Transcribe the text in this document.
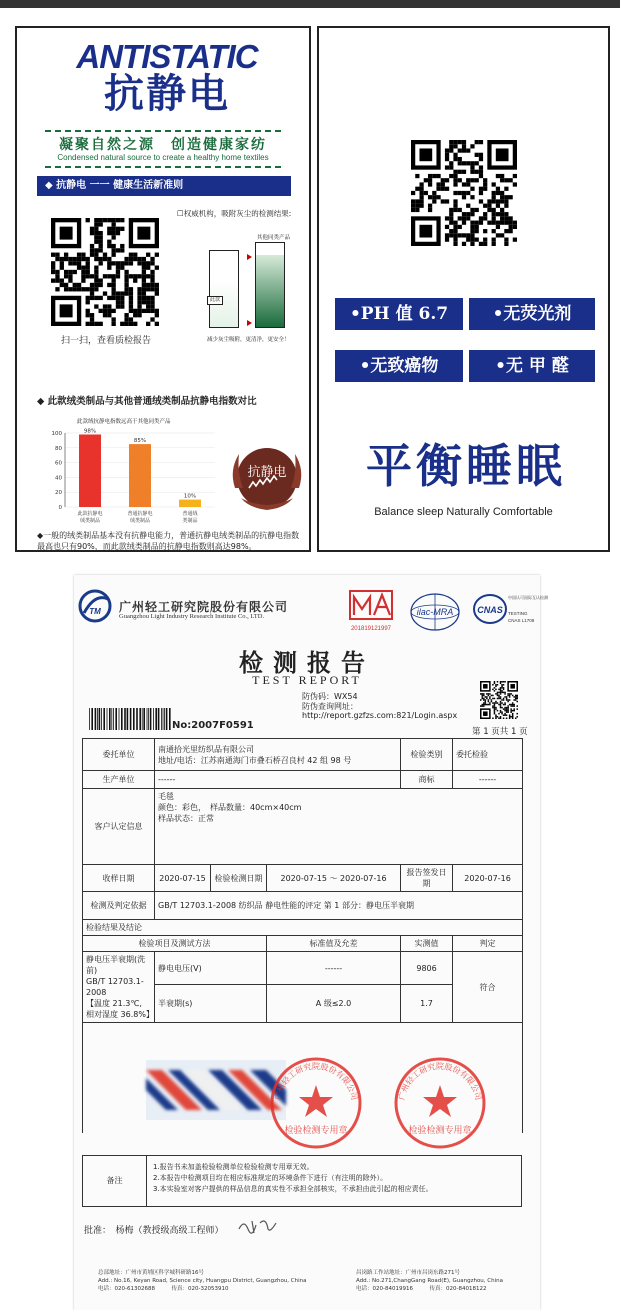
ANTISTATIC
抗静电
凝聚自然之源　创造健康家纺
Condensed natural source to create a healthy home textiles
◆ 抗静电 一一 健康生活新准则
扫一扫，查看质检报告
☐权威机构，吸附灰尘的检测结果:
其他同类产品
此款
减少灰尘吸附，更清净，更安全！
◆ 此款绒类制品与其他普通绒类制品抗静电指数对比
此款绒抗静电指数远高于其他同类产品
0
20
40
60
80
100	98%
此款抗静电
绒类制品
85%
普通抗静电
绒类制品
10%
普通绒
类制品
抗静电
◆一般的绒类制品基本没有抗静电能力，普通抗静电绒类制品的抗静电指数最高也只有90%，而此款绒类制品的抗静电指数则高达98%。
•PH 值 6.7	•无荧光剂
•无致癌物	•无 甲 醛
平衡睡眠
Balance sleep Naturally Comfortable
TM 广州轻工研究院股份有限公司
Guangzhou Light Industry Research Institute Co., LTD.
201819121997
ilac-MRA	CNAS
中国认可国际互认检测
TESTING
CNAS L1709
检测报告
TEST REPORT
防伪码：WX54
防伪查询网址：
http://report.gzfzs.com:821/Login.aspx
No:2007F0591
第 1 页共 1 页
委托单位	南通拾光里纺织品有限公司
地址/电话：江苏南通海门市叠石桥召良村 42 组 98 号			检验类别	委托检验
生产单位	------			商标	------
客户认定信息	毛毯
颜色：彩色，　样品数量：40cm×40cm
样品状态：正常				

收样日期	2020-07-15	检验检测日期	2020-07-15 ～ 2020-07-16	报告签发日期	2020-07-16
检测及判定依据	GB/T 12703.1-2008 纺织品 静电性能的评定 第 1 部分：静电压半衰期				
检验结果及结论					
检验项目及测试方法			标准值及允差	实测值	判定

静电压半衰期(洗前)
GB/T 12703.1-2008
【温度 21.3℃,
相对湿度 36.8%】	静电电压(V)		------	9806	符合
	半衰期(s)		A 级≤2.0	1.7	

广州轻工研究院股份有限公司
检验检测专用章
广州轻工研究院股份有限公司
检验检测专用章
备注
1.报告书未加盖检验检测单位检验检测专用章无效。
2.本报告中检测项目均在相应标准规定的环境条件下进行（有注明的除外）。
3.本实验室对客户提供的样品信息的真实性不承担全部核实，不承担由此引起的相应责任。
批准：　杨梅（教授级高级工程师）
总部地址：广州市黄埔区科学城科研路16号
Add.: No.16, Keyan Road, Science city, Huangpu District, Guangzhou, China
电话：020-61302688　　　传真：020-32053910
昌岗路工作站地址：广州市昌岗东路271号
Add.: No.271,ChangGang Road(E), Guangzhou, China
电话：020-84019916　　　传真：020-84018122
